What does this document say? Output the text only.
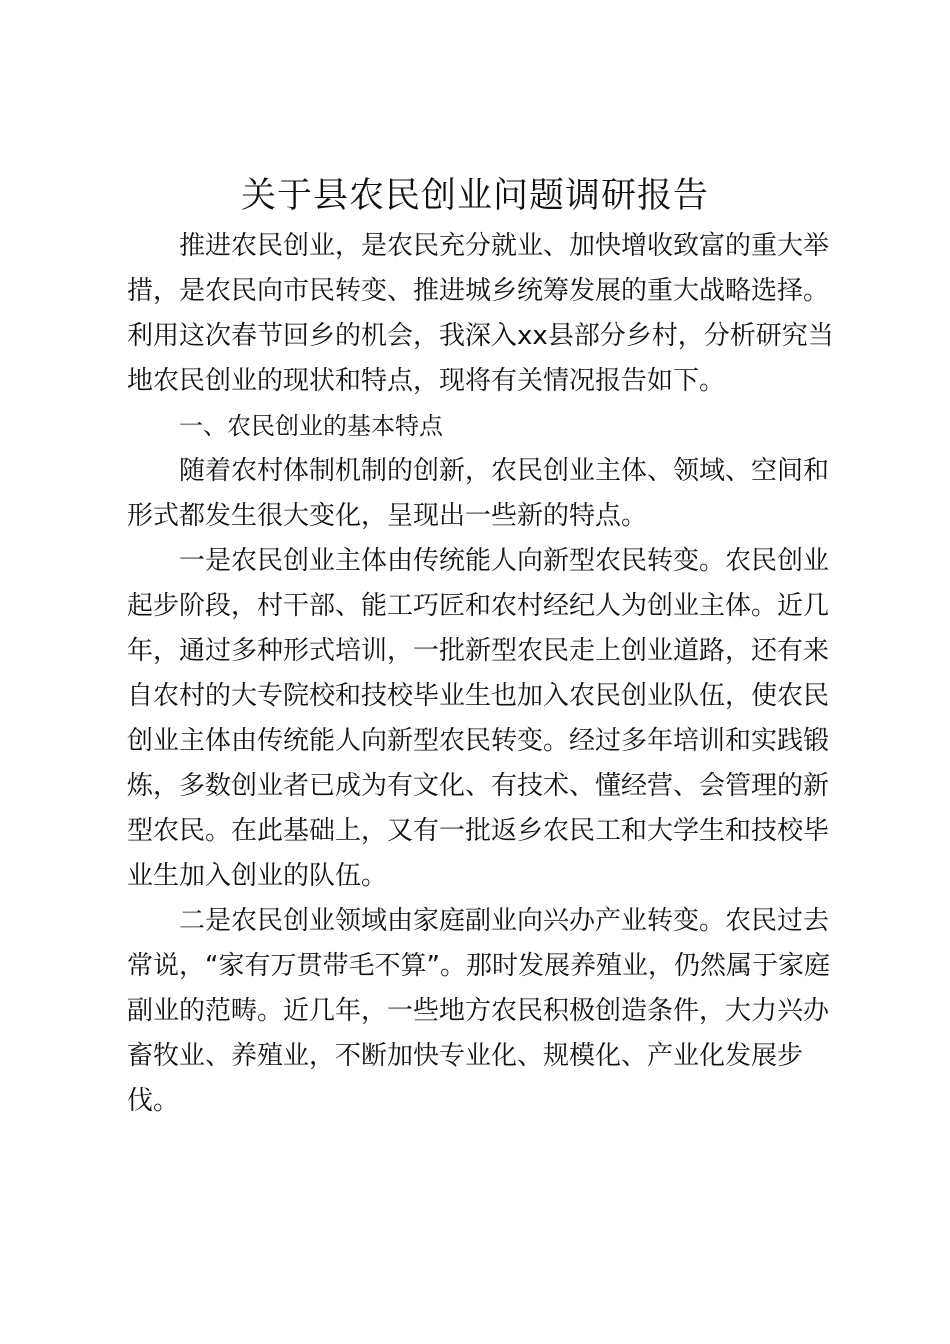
关于县农民创业问题调研报告

推进农民创业，是农民充分就业、加快增收致富的重大举

措，是农民向市民转变、推进城乡统筹发展的重大战略选择。

利用这次春节回乡的机会，我深入xx县部分乡村，分析研究当

地农民创业的现状和特点，现将有关情况报告如下。

一、农民创业的基本特点

随着农村体制机制的创新，农民创业主体、领域、空间和

形式都发生很大变化，呈现出一些新的特点。

一是农民创业主体由传统能人向新型农民转变。农民创业

起步阶段，村干部、能工巧匠和农村经纪人为创业主体。近几

年，通过多种形式培训，一批新型农民走上创业道路，还有来

自农村的大专院校和技校毕业生也加入农民创业队伍，使农民

创业主体由传统能人向新型农民转变。经过多年培训和实践锻

炼，多数创业者已成为有文化、有技术、懂经营、会管理的新

型农民。在此基础上，又有一批返乡农民工和大学生和技校毕

业生加入创业的队伍。

二是农民创业领域由家庭副业向兴办产业转变。农民过去

常说，“家有万贯带毛不算”。那时发展养殖业，仍然属于家庭

副业的范畴。近几年，一些地方农民积极创造条件，大力兴办

畜牧业、养殖业，不断加快专业化、规模化、产业化发展步

伐。
